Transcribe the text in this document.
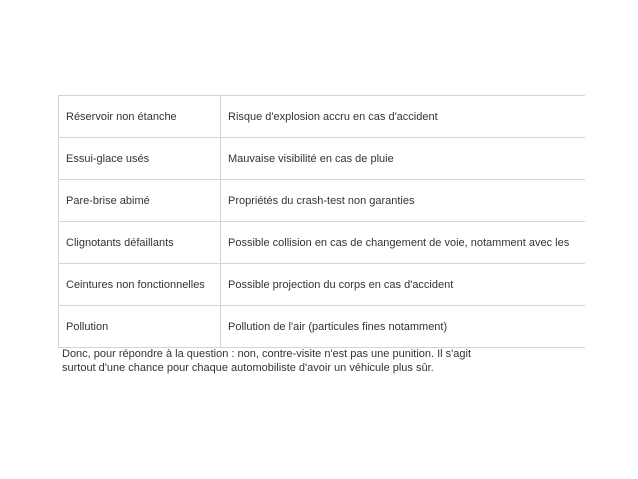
Réservoir non étanche	Risque d'explosion accru en cas d'accident
Essui-glace usés	Mauvaise visibilité en cas de pluie
Pare-brise abimé	Propriétés du crash-test non garanties
Clignotants défaillants	Possible collision en cas de changement de voie, notamment avec les
Ceintures non fonctionnelles	Possible projection du corps en cas d'accident
Pollution	Pollution de l'air (particules fines notamment)

Donc, pour répondre à la question : non, contre-visite n'est pas une punition. Il s'agit
surtout d'une chance pour chaque automobiliste d'avoir un véhicule plus sûr.
